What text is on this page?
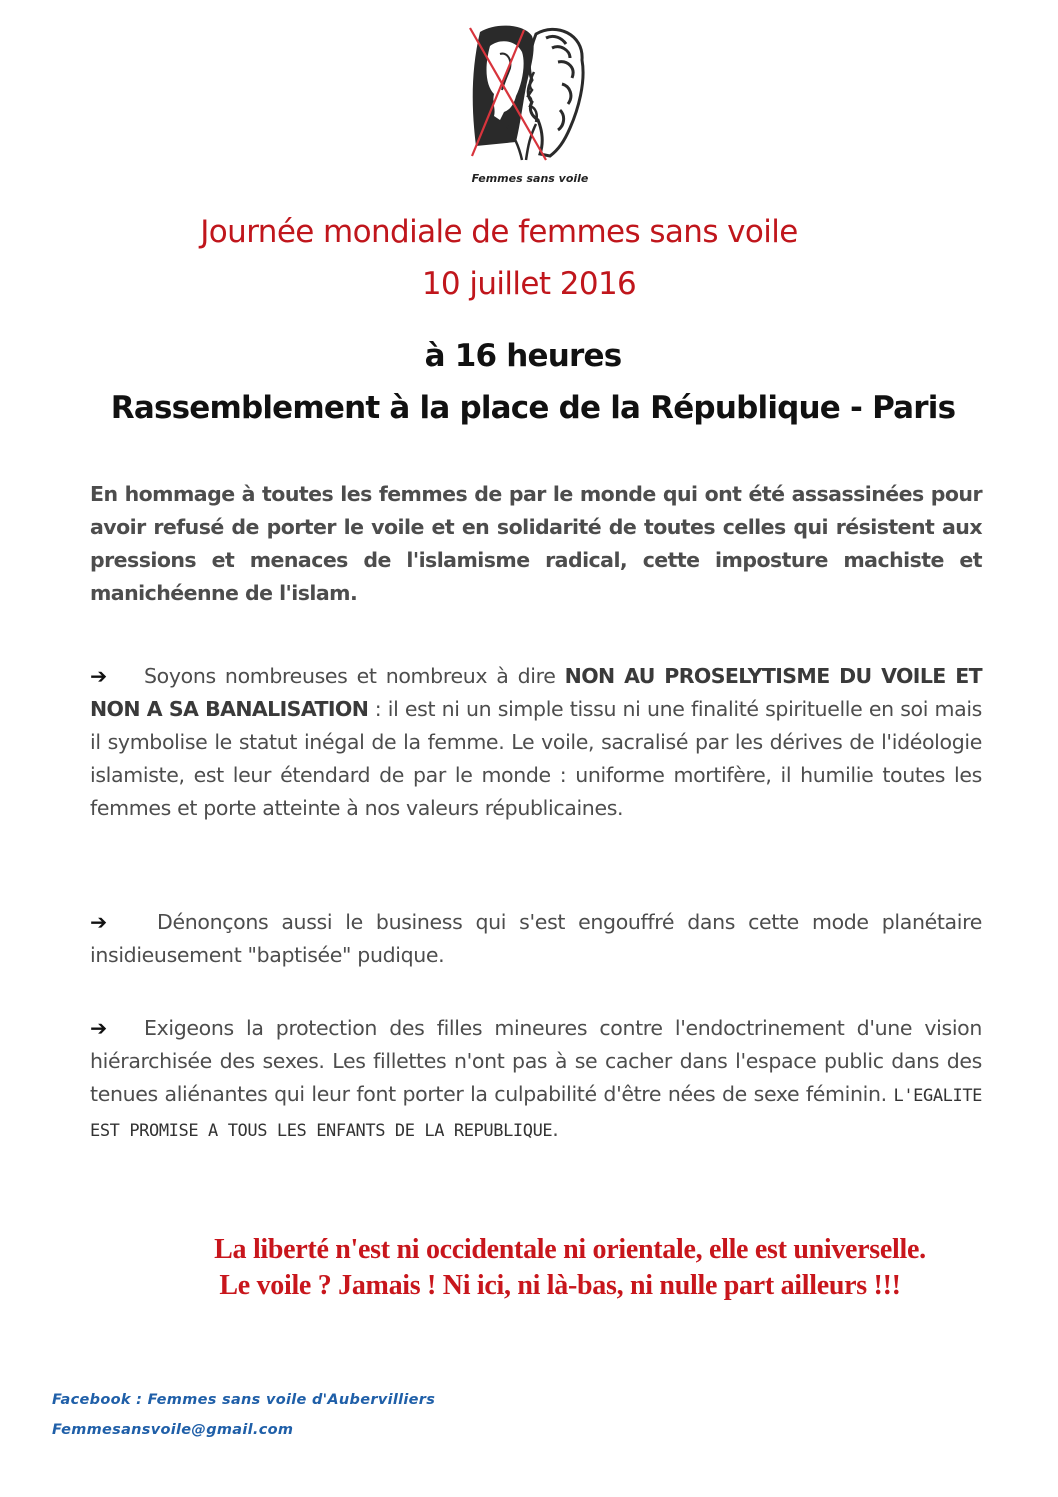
Femmes sans voile
Journée mondiale de femmes sans voile
10 juillet 2016
à 16 heures
Rassemblement à la place de la République - Paris
En hommage à toutes les femmes de par le monde qui ont été assassinées pour avoir refusé de porter le voile et en solidarité de toutes celles qui résistent aux pressions et menaces de l'islamisme radical, cette imposture machiste et manichéenne de l'islam.
➔ Soyons nombreuses et nombreux à dire NON AU PROSELYTISME DU VOILE ET NON A SA BANALISATION : il est ni un simple tissu ni une finalité spirituelle en soi mais il symbolise le statut inégal de la femme. Le voile, sacralisé par les dérives de l'idéologie islamiste, est leur étendard de par le monde : uniforme mortifère, il humilie toutes les femmes et porte atteinte à nos valeurs républicaines.
➔ Dénonçons aussi le business qui s'est engouffré dans cette mode planétaire insidieusement "baptisée" pudique.
➔ Exigeons la protection des filles mineures contre l'endoctrinement d'une vision hiérarchisée des sexes. Les fillettes n'ont pas à se cacher dans l'espace public dans des tenues aliénantes qui leur font porter la culpabilité d'être nées de sexe féminin. L'EGALITE EST PROMISE A TOUS LES ENFANTS DE LA REPUBLIQUE.
La liberté n'est ni occidentale ni orientale, elle est universelle.
Le voile ? Jamais ! Ni ici, ni là-bas, ni nulle part ailleurs !!!
Facebook : Femmes sans voile d'Aubervilliers
Femmesansvoile@gmail.com
